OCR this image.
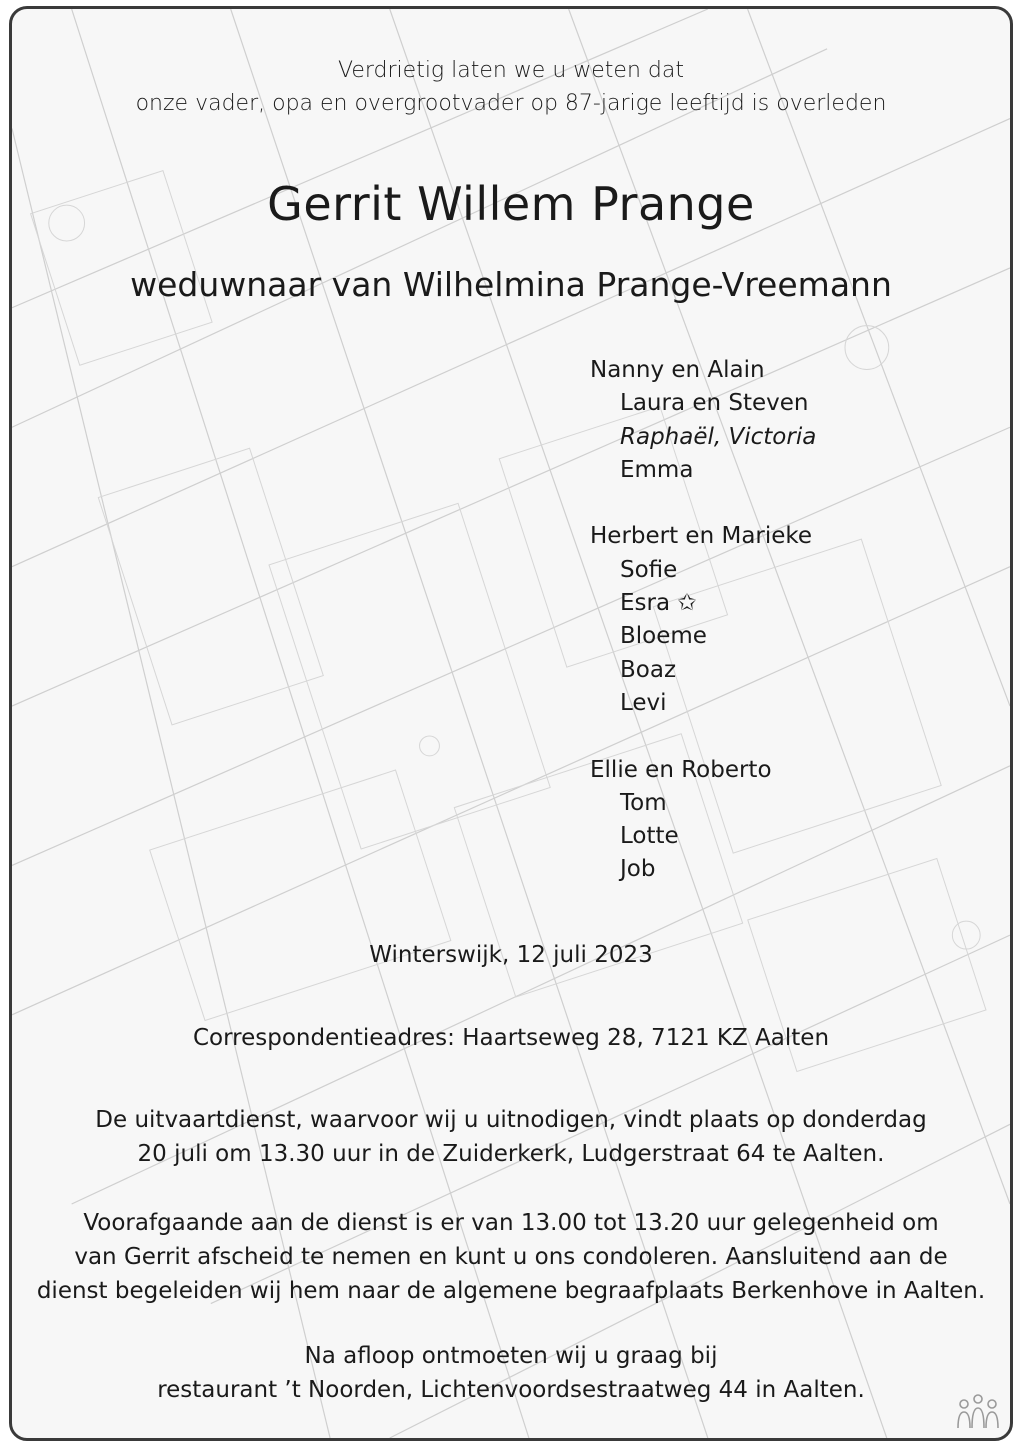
Verdrietig laten we u weten dat
onze vader, opa en overgrootvader op 87-jarige leeftijd is overleden
Gerrit Willem Prange
weduwnaar van Wilhelmina Prange-Vreemann
Nanny en Alain
Laura en Steven
Raphaël, Victoria
Emma
Herbert en Marieke
Sofie
Esra ✩
Bloeme
Boaz
Levi
Ellie en Roberto
Tom
Lotte
Job
Winterswijk, 12 juli 2023
Correspondentieadres: Haartseweg 28, 7121 KZ Aalten
De uitvaartdienst, waarvoor wij u uitnodigen, vindt plaats op donderdag
20 juli om 13.30 uur in de Zuiderkerk, Ludgerstraat 64 te Aalten.
Voorafgaande aan de dienst is er van 13.00 tot 13.20 uur gelegenheid om
van Gerrit afscheid te nemen en kunt u ons condoleren. Aansluitend aan de
dienst begeleiden wij hem naar de algemene begraafplaats Berkenhove in Aalten.
Na afloop ontmoeten wij u graag bij
restaurant ’t Noorden, Lichtenvoordsestraatweg 44 in Aalten.
